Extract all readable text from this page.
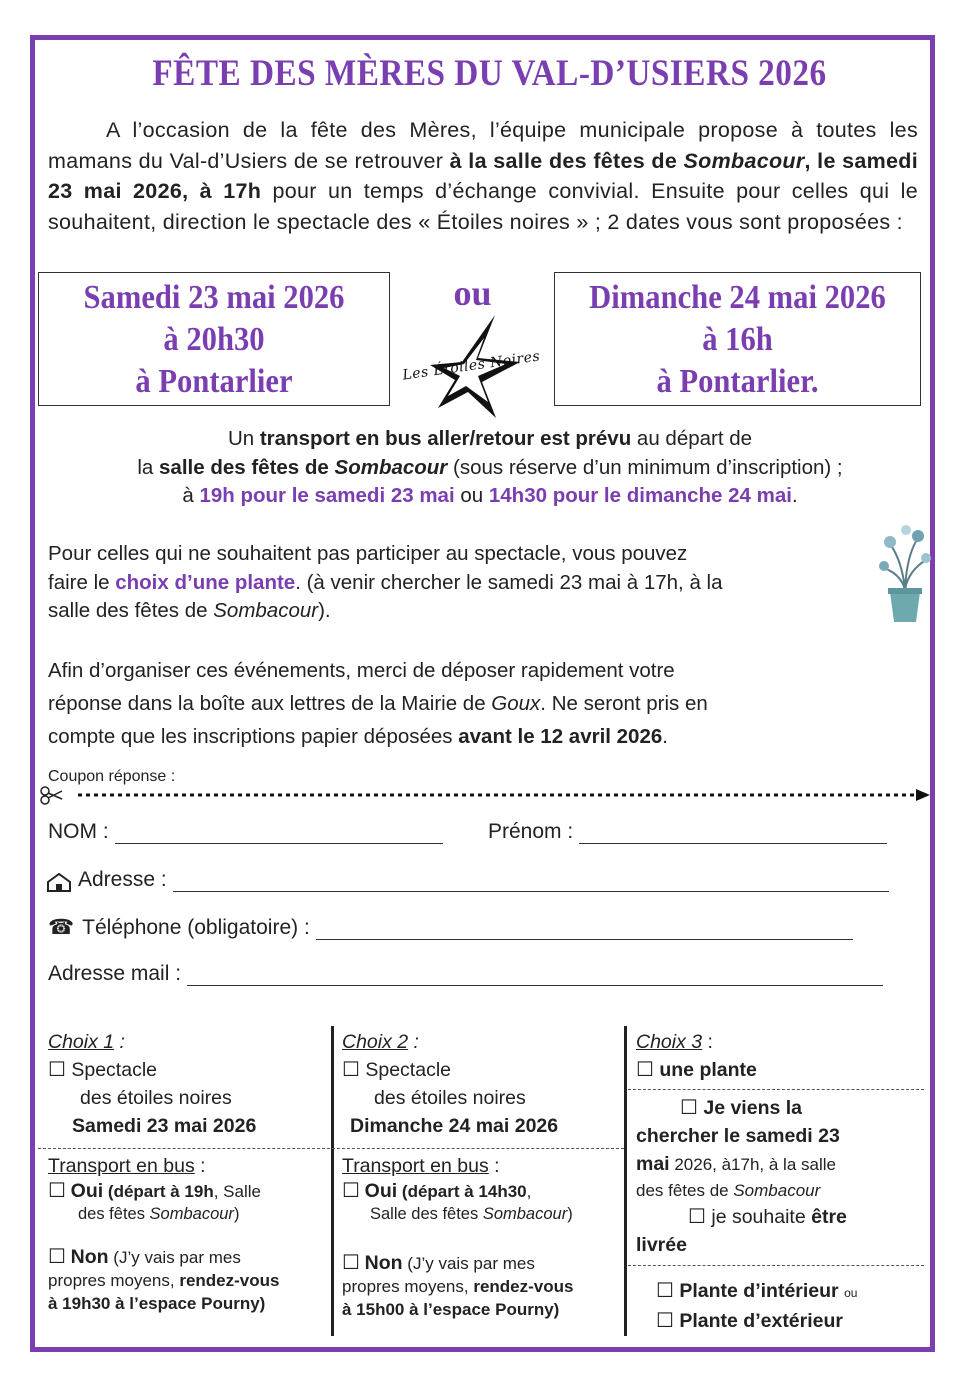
FÊTE DES MÈRES DU VAL-D’USIERS 2026

A l’occasion de la fête des Mères, l’équipe municipale propose à toutes les mamans du Val-d’Usiers de se retrouver à la salle des fêtes de Sombacour, le samedi 23 mai 2026, à 17h pour un temps d’échange convivial. Ensuite pour celles qui le souhaitent, direction le spectacle des « Étoiles noires » ; 2 dates vous sont proposées :

Samedi 23 mai 2026
à 20h30
à Pontarlier
ou
Les Étoiles Noires
Dimanche 24 mai 2026
à 16h
à Pontarlier.
Un transport en bus aller/retour est prévu au départ de
la salle des fêtes de Sombacour (sous réserve d’un minimum d’inscription) ;
à 19h pour le samedi 23 mai ou 14h30 pour le dimanche 24 mai.
Pour celles qui ne souhaitent pas participer au spectacle, vous pouvez
faire le choix d’une plante. (à venir chercher le samedi 23 mai à 17h, à la
salle des fêtes de Sombacour).
Afin d’organiser ces événements, merci de déposer rapidement votre
réponse dans la boîte aux lettres de la Mairie de Goux. Ne seront pris en
compte que les inscriptions papier déposées avant le 12 avril 2026.
Coupon réponse :
NOM :	Prénom :
Adresse :
☎ Téléphone (obligatoire) :
Adresse mail :
Choix 1 :
☐ Spectacle
des étoiles noires
Samedi 23 mai 2026
Transport en bus :
☐ Oui (départ à 19h, Salle
des fêtes Sombacour)
☐ Non (J’y vais par mes
propres moyens, rendez-vous
à 19h30 à l’espace Pourny)
Choix 2 :
☐ Spectacle
des étoiles noires
Dimanche 24 mai 2026
Transport en bus :
☐ Oui (départ à 14h30,
Salle des fêtes Sombacour)
☐ Non (J’y vais par mes
propres moyens, rendez-vous
à 15h00 à l’espace Pourny)
Choix 3 :
☐ une plante
☐ Je viens la
chercher le samedi 23
mai 2026, à17h, à la salle
des fêtes de Sombacour
☐ je souhaite être
livrée
☐ Plante d’intérieur ou
☐ Plante d’extérieur
